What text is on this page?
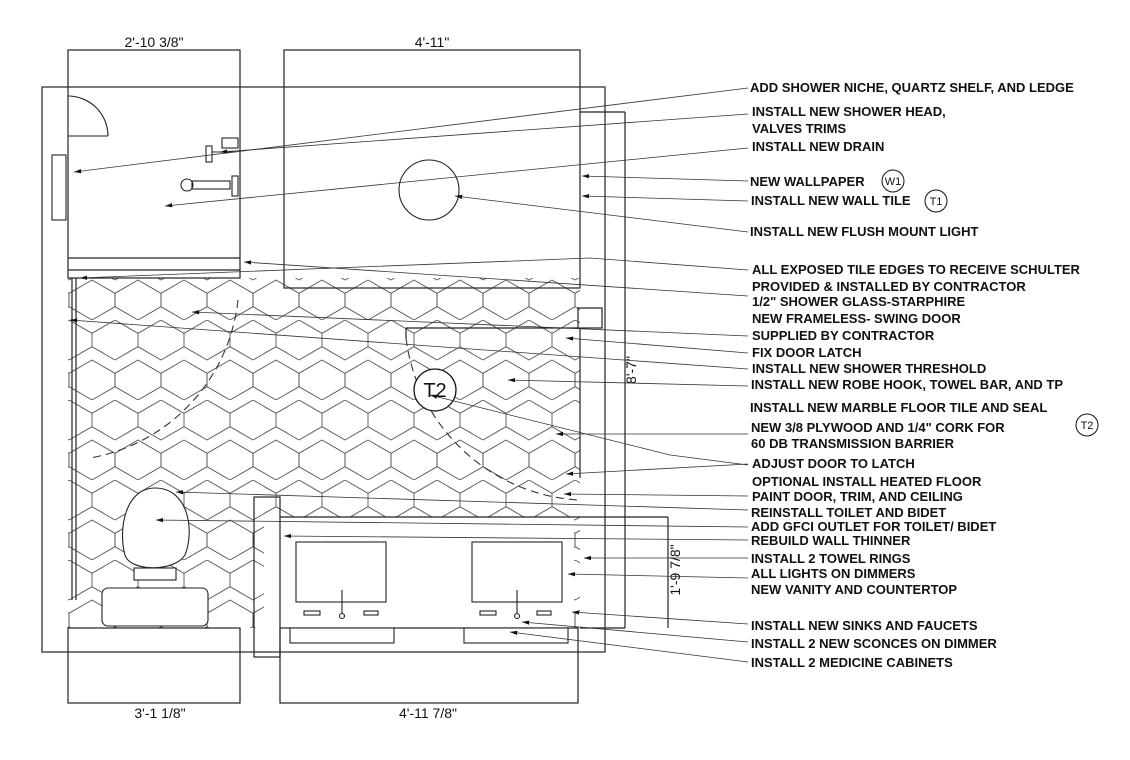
T2
2'-10 3/8"	4'-11"
3'-1 1/8"	4'-11 7/8"
8'-7"
1'-9 7/8"
ADD SHOWER NICHE, QUARTZ SHELF, AND LEDGE
INSTALL NEW SHOWER HEAD,
VALVES TRIMS
INSTALL NEW DRAIN
NEW WALLPAPER
INSTALL NEW WALL TILE
INSTALL NEW FLUSH MOUNT LIGHT
ALL EXPOSED TILE EDGES TO RECEIVE SCHULTER
PROVIDED & INSTALLED BY CONTRACTOR
1/2" SHOWER GLASS-STARPHIRE
NEW FRAMELESS- SWING DOOR
SUPPLIED BY CONTRACTOR
FIX DOOR LATCH
INSTALL NEW SHOWER THRESHOLD
INSTALL NEW ROBE HOOK, TOWEL BAR, AND TP
INSTALL NEW MARBLE FLOOR TILE AND SEAL
NEW 3/8 PLYWOOD AND 1/4" CORK FOR
60 DB TRANSMISSION BARRIER
ADJUST DOOR TO LATCH
OPTIONAL INSTALL HEATED FLOOR
PAINT DOOR, TRIM, AND CEILING
REINSTALL TOILET AND BIDET
ADD GFCI OUTLET FOR TOILET/ BIDET
REBUILD WALL THINNER
INSTALL 2 TOWEL RINGS
ALL LIGHTS ON DIMMERS
NEW VANITY AND COUNTERTOP
INSTALL NEW SINKS AND FAUCETS
INSTALL 2 NEW SCONCES ON DIMMER
INSTALL 2 MEDICINE CABINETS
W1
T1
T2
